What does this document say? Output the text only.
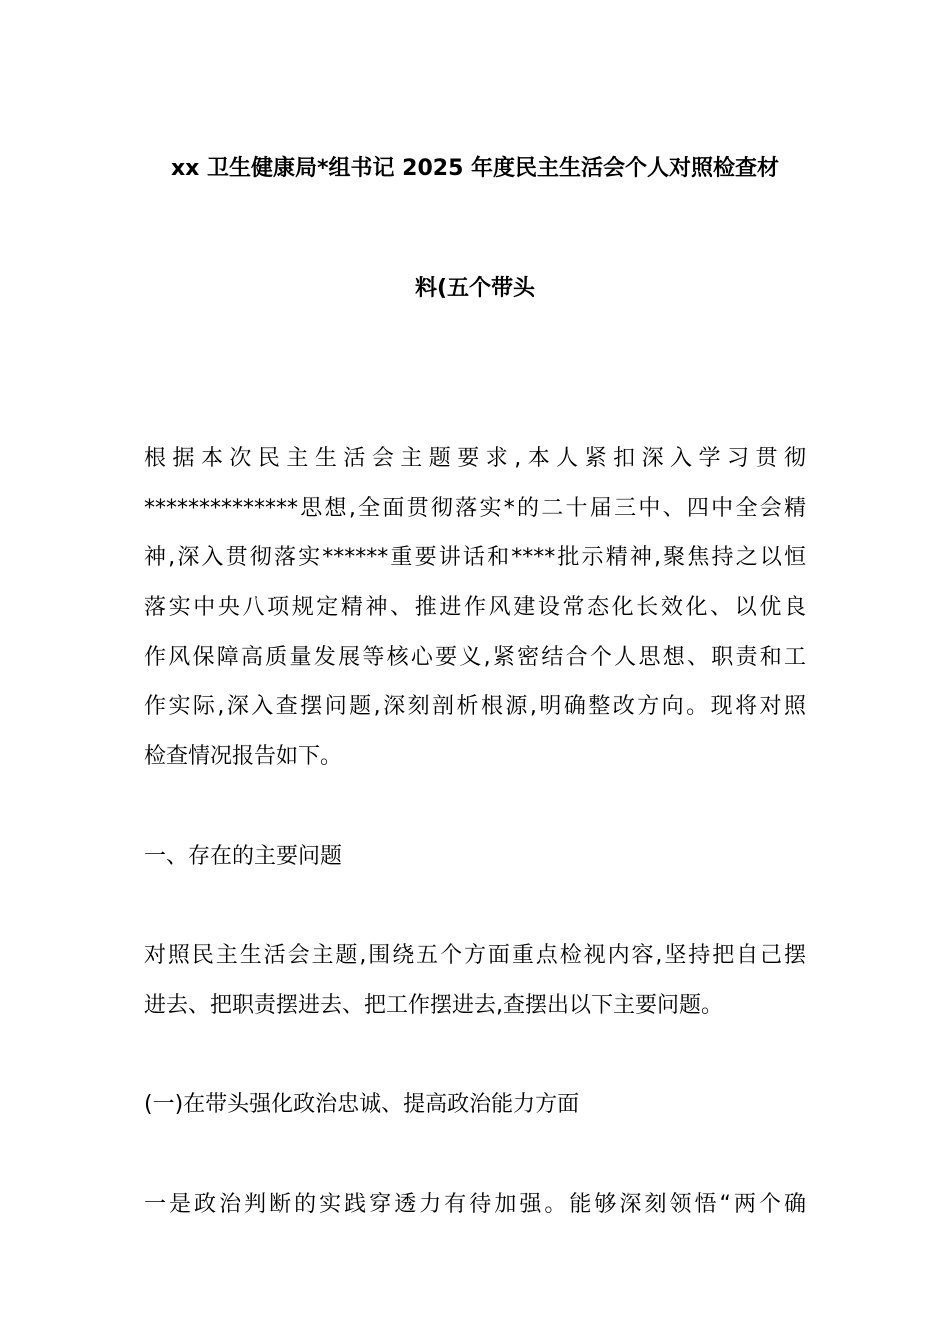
xx 卫生健康局*组书记 2025 年度民主生活会个人对照检查材
料(五个带头
根据本次民主生活会主题要求,本人紧扣深入学习贯彻
**************思想,全面贯彻落实*的二十届三中、四中全会精
神,深入贯彻落实******重要讲话和****批示精神,聚焦持之以恒
落实中央八项规定精神、推进作风建设常态化长效化、以优良
作风保障高质量发展等核心要义,紧密结合个人思想、职责和工
作实际,深入查摆问题,深刻剖析根源,明确整改方向。现将对照
检查情况报告如下。
一、存在的主要问题
对照民主生活会主题,围绕五个方面重点检视内容,坚持把自己摆
进去、把职责摆进去、把工作摆进去,查摆出以下主要问题。
(一)在带头强化政治忠诚、提高政治能力方面
一是政治判断的实践穿透力有待加强。能够深刻领悟“两个确
